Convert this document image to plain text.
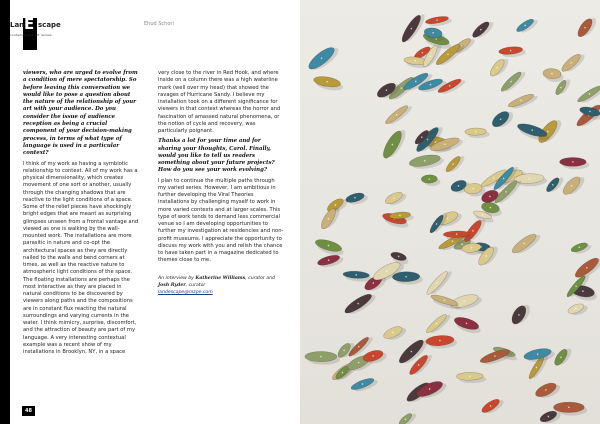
Land
E scape
contemporary art review
Ehud Schori

viewers, who are urged to evolve from a condition of mere spectatorship. So before leaving this conversation we would like to pose a question about the nature of the relationship of your art with your audience. Do you consider the issue of audience reception as being a crucial component of your decision-making process, in terms of what type of language is used in a particular context?

I think of my work as having a symbiotic relationship to context. All of my work has a physical dimensionality, which creates movement of one sort or another, usually through the changing shadows that are reactive to the light conditions of a space. Some of the relief pieces have shockingly bright edges that are meant as surprising glimpses unseen from a frontal vantage and viewed as one is walking by the wall-mounted work. The installations are more parasitic in nature and co-opt the architectural spaces as they are directly nailed to the walls and bend corners at times, as well as the reactive nature to atmospheric light conditions of the space. The floating installations are perhaps the most interactive as they are placed in natural conditions to be discovered by viewers along paths and the compositions are in constant flux reacting the natural surroundings and varying currents in the water. I think mimicry, surprise, discomfort, and the attraction of beauty are part of my language. A very interesting contextual example was a recent show of my installations in Brooklyn, NY, in a space

very close to the river in Red Hook, and where inside on a column there was a high waterline mark (well over my head) that showed the ravages of Hurricane Sandy. I believe my installation took on a different significance for viewers in that context whereas the horror and fascination of amassed natural phenomena, or the notion of cycle and recovery, was particularly poignant.

Thanks a lot for your time and for sharing your thoughts, Carol. Finally, would you like to tell us readers something about your future projects? How do you see your work evolving?

I plan to continue the multiple paths through my varied series. However, I am ambitious in further developing the Viral Theories installations by challenging myself to work in more varied contexts and at larger scales. This type of work tends to demand less commercial venue so I am developing opportunities to further my investigation at residencies and non-profit museums. I appreciate the opportunity to discuss my work with you and relish the chance to have taken part in a magazine dedicated to themes close to me.

An interview by Katherine Williams, curator and Josh Ryder, curator
landescape@mzpe.com

48
